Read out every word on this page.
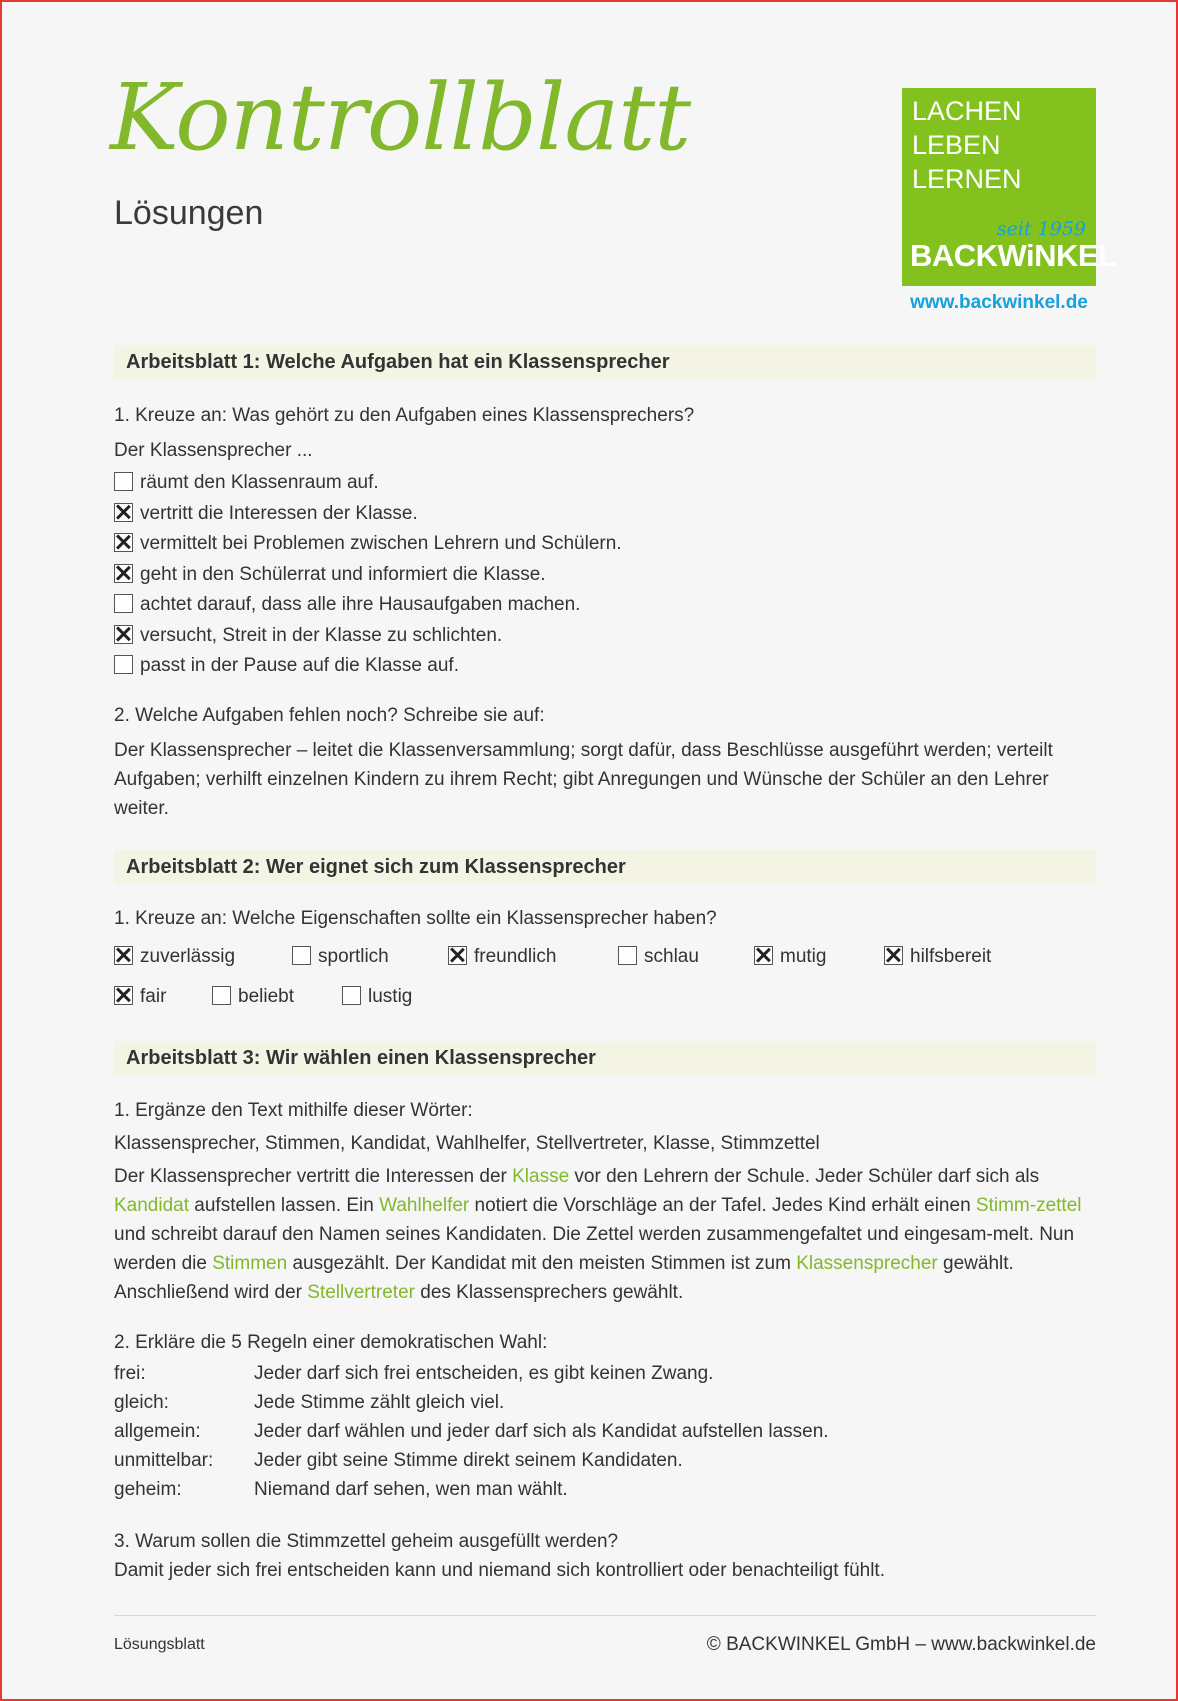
Kontrollblatt
Lösungen
LACHEN
LEBEN
LERNEN
seit 1959
BACKWiNKEL
www.backwinkel.de
Arbeitsblatt 1: Welche Aufgaben hat ein Klassensprecher
1. Kreuze an: Was gehört zu den Aufgaben eines Klassensprechers?
Der Klassensprecher ...
räumt den Klassenraum auf.
vertritt die Interessen der Klasse.
vermittelt bei Problemen zwischen Lehrern und Schülern.
geht in den Schülerrat und informiert die Klasse.
achtet darauf, dass alle ihre Hausaufgaben machen.
versucht, Streit in der Klasse zu schlichten.
passt in der Pause auf die Klasse auf.
2. Welche Aufgaben fehlen noch? Schreibe sie auf:
Der Klassensprecher – leitet die Klassenversammlung; sorgt dafür, dass Beschlüsse ausgeführt werden; verteilt Aufgaben; verhilft einzelnen Kindern zu ihrem Recht; gibt Anregungen und Wünsche der Schüler an den Lehrer weiter.
Arbeitsblatt 2: Wer eignet sich zum Klassensprecher
1. Kreuze an: Welche Eigenschaften sollte ein Klassensprecher haben?
zuverlässig	sportlich	freundlich	schlau	mutig	hilfsbereit
fair	beliebt	lustig
Arbeitsblatt 3: Wir wählen einen Klassensprecher
1. Ergänze den Text mithilfe dieser Wörter:
Klassensprecher, Stimmen, Kandidat, Wahlhelfer, Stellvertreter, Klasse, Stimmzettel
Der Klassensprecher vertritt die Interessen der Klasse vor den Lehrern der Schule. Jeder Schüler darf sich als Kandidat aufstellen lassen. Ein Wahlhelfer notiert die Vorschläge an der Tafel. Jedes Kind erhält einen Stimm-zettel und schreibt darauf den Namen seines Kandidaten. Die Zettel werden zusammengefaltet und eingesam-melt. Nun werden die Stimmen ausgezählt. Der Kandidat mit den meisten Stimmen ist zum Klassensprecher gewählt. Anschließend wird der Stellvertreter des Klassensprechers gewählt.
2. Erkläre die 5 Regeln einer demokratischen Wahl:
frei:	Jeder darf sich frei entscheiden, es gibt keinen Zwang.
gleich:	Jede Stimme zählt gleich viel.
allgemein:	Jeder darf wählen und jeder darf sich als Kandidat aufstellen lassen.
unmittelbar: Jeder gibt seine Stimme direkt seinem Kandidaten.
geheim:	Niemand darf sehen, wen man wählt.
3. Warum sollen die Stimmzettel geheim ausgefüllt werden?
Damit jeder sich frei entscheiden kann und niemand sich kontrolliert oder benachteiligt fühlt.
Lösungsblatt	© BACKWINKEL GmbH – www.backwinkel.de
